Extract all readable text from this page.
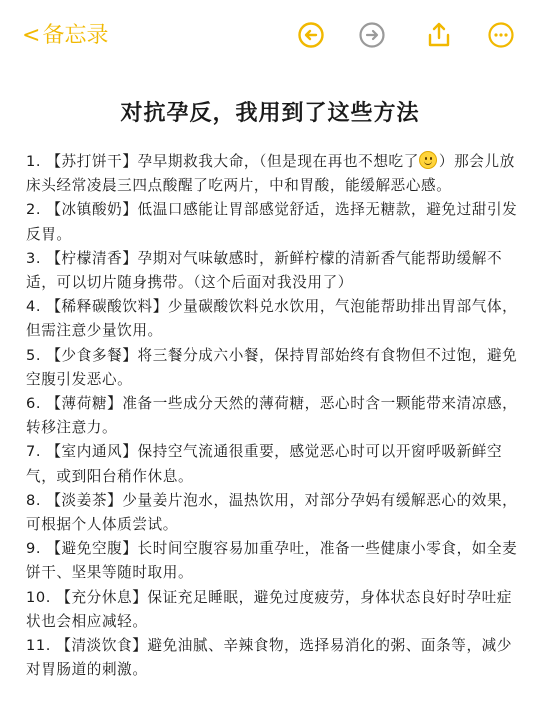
< 备忘录
对抗孕反，我用到了这些方法
1. 【苏打饼干】孕早期救我大命，（但是现在再也不想吃了 ）那会儿放床头经常凌晨三四点酸醒了吃两片，中和胃酸，能缓解恶心感。
2. 【冰镇酸奶】低温口感能让胃部感觉舒适，选择无糖款，避免过甜引发反胃。
3. 【柠檬清香】孕期对气味敏感时，新鲜柠檬的清新香气能帮助缓解不适，可以切片随身携带。（这个后面对我没用了）
4. 【稀释碳酸饮料】少量碳酸饮料兑水饮用，气泡能帮助排出胃部气体，但需注意少量饮用。
5. 【少食多餐】将三餐分成六小餐，保持胃部始终有食物但不过饱，避免空腹引发恶心。
6. 【薄荷糖】准备一些成分天然的薄荷糖，恶心时含一颗能带来清凉感，转移注意力。
7. 【室内通风】保持空气流通很重要，感觉恶心时可以开窗呼吸新鲜空气，或到阳台稍作休息。
8. 【淡姜茶】少量姜片泡水，温热饮用，对部分孕妈有缓解恶心的效果，可根据个人体质尝试。
9. 【避免空腹】长时间空腹容易加重孕吐，准备一些健康小零食，如全麦饼干、坚果等随时取用。
10. 【充分休息】保证充足睡眠，避免过度疲劳，身体状态良好时孕吐症状也会相应减轻。
11. 【清淡饮食】避免油腻、辛辣食物，选择易消化的粥、面条等，减少对胃肠道的刺激。
